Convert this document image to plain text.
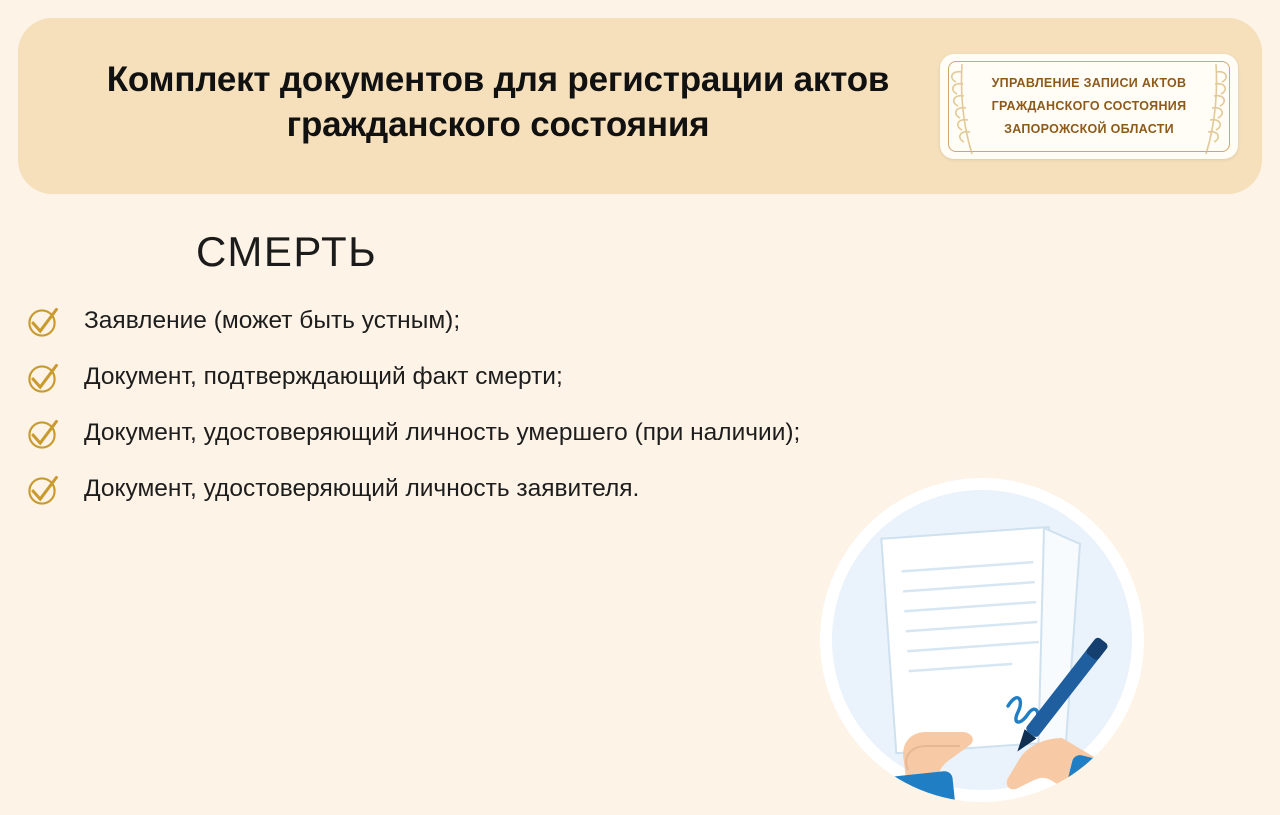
Комплект документов для регистрации актов гражданского состояния
УПРАВЛЕНИЕ ЗАПИСИ АКТОВ
ГРАЖДАНСКОГО СОСТОЯНИЯ
ЗАПОРОЖСКОЙ ОБЛАСТИ
СМЕРТЬ
Заявление (может быть устным);
Документ, подтверждающий факт смерти;
Документ, удостоверяющий личность умершего (при наличии);
Документ, удостоверяющий личность заявителя.
